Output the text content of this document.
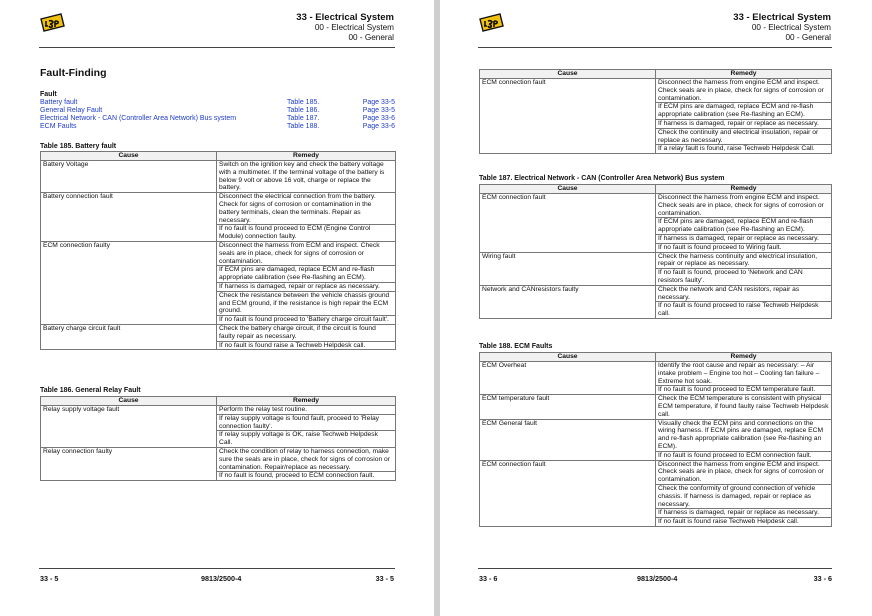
33 - Electrical System
00 - Electrical System
00 - General
Fault-Finding
Fault
Battery fault	Table 185.	Page 33-5
General Relay Fault	Table 186.	Page 33-5
Electrical Network - CAN (Controller Area Network) Bus system	Table 187.	Page 33-6
ECM Faults	Table 188.	Page 33-6
Table 185. Battery fault
Cause	Remedy
Battery Voltage	Switch on the ignition key and check the battery voltage with a multimeter. If the terminal voltage of the battery is below 9 volt or above 16 volt, charge or replace the battery.
Battery connection fault	Disconnect the electrical connection from the battery. Check for signs of corrosion or contamination in the battery terminals, clean the terminals. Repair as necessary.
	If no fault is found proceed to ECM (Engine Control Module) connection faulty.
ECM connection faulty	Disconnect the harness from ECM and inspect. Check seals are in place, check for signs of corrosion or contamination.
	If ECM pins are damaged, replace ECM and re-flash appropriate calibration (see Re-flashing an ECM).
	If harness is damaged, repair or replace as necessary.
	Check the resistance between the vehicle chassis ground and ECM ground, if the resistance is high repair the ECM ground.
	If no fault is found proceed to 'Battery charge circuit fault'.
Battery charge circuit fault	Check the battery charge circuit, if the circuit is found faulty repair as necessary.
	If no fault is found raise a Techweb Helpdesk call.
Table 186. General Relay Fault
Cause	Remedy
Relay supply voltage fault	Perform the relay test routine.
	If relay supply voltage is found fault, proceed to 'Relay connection faulty'.
	If relay supply voltage is OK, raise Techweb Helpdesk Call.
Relay connection faulty	Check the condition of relay to harness connection, make sure the seals are in place, check for signs of corrosion or contamination. Repair/replace as necessary.
	If no fault is found, proceed to ECM connection fault.
33 - 5	9813/2500-4	33 - 5
33 - Electrical System
00 - Electrical System
00 - General
Cause	Remedy
ECM connection fault	Disconnect the harness from engine ECM and inspect. Check seals are in place, check for signs of corrosion or contamination.
	If ECM pins are damaged, replace ECM and re-flash appropriate calibration (see Re-flashing an ECM).
	If harness is damaged, repair or replace as necessary.
	Check the continuity and electrical insulation, repair or replace as necessary.
	If a relay fault is found, raise Techweb Helpdesk Call.
Table 187. Electrical Network - CAN (Controller Area Network) Bus system
Cause	Remedy
ECM connection fault	Disconnect the harness from engine ECM and inspect. Check seals are in place, check for signs of corrosion or contamination.
	If ECM pins are damaged, replace ECM and re-flash appropriate calibration (see Re-flashing an ECM).
	If harness is damaged, repair or replace as necessary.
	If no fault is found proceed to Wiring fault.
Wiring fault	Check the harness continuity and electrical insulation, repair or replace as necessary.
	If no fault is found, proceed to 'Network and CAN resistors faulty'.
Network and CANresistors faulty	Check the network and CAN resistors, repair as necessary.
	If no fault is found proceed to raise Techweb Helpdesk call.
Table 188. ECM Faults
Cause	Remedy
ECM Overheat	Identify the root cause and repair as necessary: – Air intake problem – Engine too hot – Cooling fan failure – Extreme hot soak.
	If no fault is found proceed to ECM temperature fault.
ECM temperature fault	Check the ECM temperature is consistent with physical ECM temperature, if found faulty raise Techweb Helpdesk call.
ECM General fault	Visually check the ECM pins and connections on the wiring harness. If ECM pins are damaged, replace ECM and re-flash appropriate calibration (see Re-flashing an ECM).
	If no fault is found proceed to ECM connection fault.
ECM connection fault	Disconnect the harness from engine ECM and inspect. Check seals are in place, check for signs of corrosion or contamination.
	Check the conformity of ground connection of vehicle chassis. If harness is damaged, repair or replace as necessary.
	If harness is damaged, repair or replace as necessary.
	If no fault is found raise Techweb Helpdesk call.
33 - 6	9813/2500-4	33 - 6
